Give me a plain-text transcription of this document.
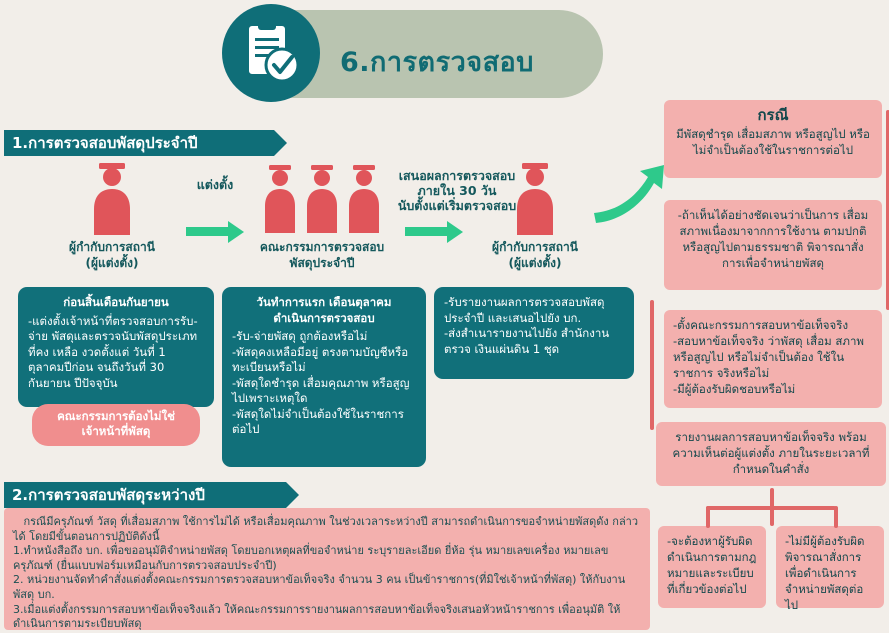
6.การตรวจสอบ
1.การตรวจสอบพัสดุประจำปี
ผู้กำกับการสถานี
(ผู้แต่งตั้ง)
คณะกรรมการตรวจสอบ
พัสดุประจำปี
ผู้กำกับการสถานี
(ผู้แต่งตั้ง)
แต่งตั้ง
เสนอผลการตรวจสอบ
ภายใน 30 วัน
นับตั้งแต่เริ่มตรวจสอบ
ก่อนสิ้นเดือนกันยายน
-แต่งตั้งเจ้าหน้าที่ตรวจสอบการรับ-จ่าย พัสดุและตรวจนับพัสดุประเภทที่คง เหลือ งวดตั้งแต่ วันที่ 1 ตุลาคมปีก่อน จนถึงวันที่ 30 กันยายน ปีปัจจุบัน
คณะกรรมการต้องไม่ใช่
เจ้าหน้าที่พัสดุ
วันทำการแรก เดือนตุลาคม
ดำเนินการตรวจสอบ
-รับ-จ่ายพัสดุ ถูกต้องหรือไม่
-พัสดุคงเหลือมีอยู่ ตรงตามบัญชีหรือ ทะเบียนหรือไม่
-พัสดุใดชำรุด เสื่อมคุณภาพ หรือสูญ ไปเพราะเหตุใด
-พัสดุใดไม่จำเป็นต้องใช้ในราชการ ต่อไป
-รับรายงานผลการตรวจสอบพัสดุประจำปี และเสนอไปยัง บก.
-ส่งสำเนารายงานไปยัง สำนักงานตรวจ เงินแผ่นดิน 1 ชุด
2.การตรวจสอบพัสดุระหว่างปี

กรณีมีครุภัณฑ์ วัสดุ ที่เสื่อมสภาพ ใช้การไม่ได้ หรือเสื่อมคุณภาพ ในช่วงเวลาระหว่างปี สามารถดำเนินการขอจำหน่ายพัสดุดัง กล่าวได้ โดยมีขั้นตอนการปฏิบัติดังนี้

1.ทำหนังสือถึง บก. เพื่อขออนุมัติจำหน่ายพัสดุ โดยบอกเหตุผลที่ขอจำหน่าย ระบุรายละเอียด ยี่ห้อ รุ่น หมายเลขเครื่อง หมายเลข ครุภัณฑ์ (ยื่นแบบฟอร์มเหมือนกับการตรวจสอบประจำปี)

2. หน่วยงานจัดทำคำสั่งแต่งตั้งคณะกรรมการตรวจสอบหาข้อเท็จจริง จำนวน 3 คน เป็นข้าราชการ(ที่มิใช่เจ้าหน้าที่พัสดุ) ให้กับงานพัสดุ บก.

3.เมื่อแต่งตั้งกรรมการสอบหาข้อเท็จจริงแล้ว ให้คณะกรรมการรายงานผลการสอบหาข้อเท็จจริงเสนอหัวหน้าราชการ เพื่ออนุมัติ ให้ดำเนินการตามระเบียบพัสดุ

กรณี
มีพัสดุชำรุด เสื่อมสภาพ หรือสูญไป หรือไม่จำเป็นต้องใช้ในราชการต่อไป
-ถ้าเห็นได้อย่างชัดเจนว่าเป็นการ เสื่อมสภาพเนื่องมาจากการใช้งาน ตามปกติ หรือสูญไปตามธรรมชาติ พิจารณาสั่งการเพื่อจำหน่ายพัสดุ
-ตั้งคณะกรรมการสอบหาข้อเท็จจริง
-สอบหาข้อเท็จจริง ว่าพัสดุ เสื่อม สภาพหรือสูญไป หรือไม่จำเป็นต้อง ใช้ในราชการ จริงหรือไม่
-มีผู้ต้องรับผิดชอบหรือไม่
รายงานผลการสอบหาข้อเท็จจริง พร้อมความเห็นต่อผู้แต่งตั้ง ภายในระยะเวลาที่กำหนดในคำสั่ง
-จะต้องหาผู้รับผิด ดำเนินการตามกฎ หมายและระเบียบ ที่เกี่ยวข้องต่อไป
-ไม่มีผู้ต้องรับผิด พิจารณาสั่งการ เพื่อดำเนินการ จำหน่ายพัสดุต่อไป
